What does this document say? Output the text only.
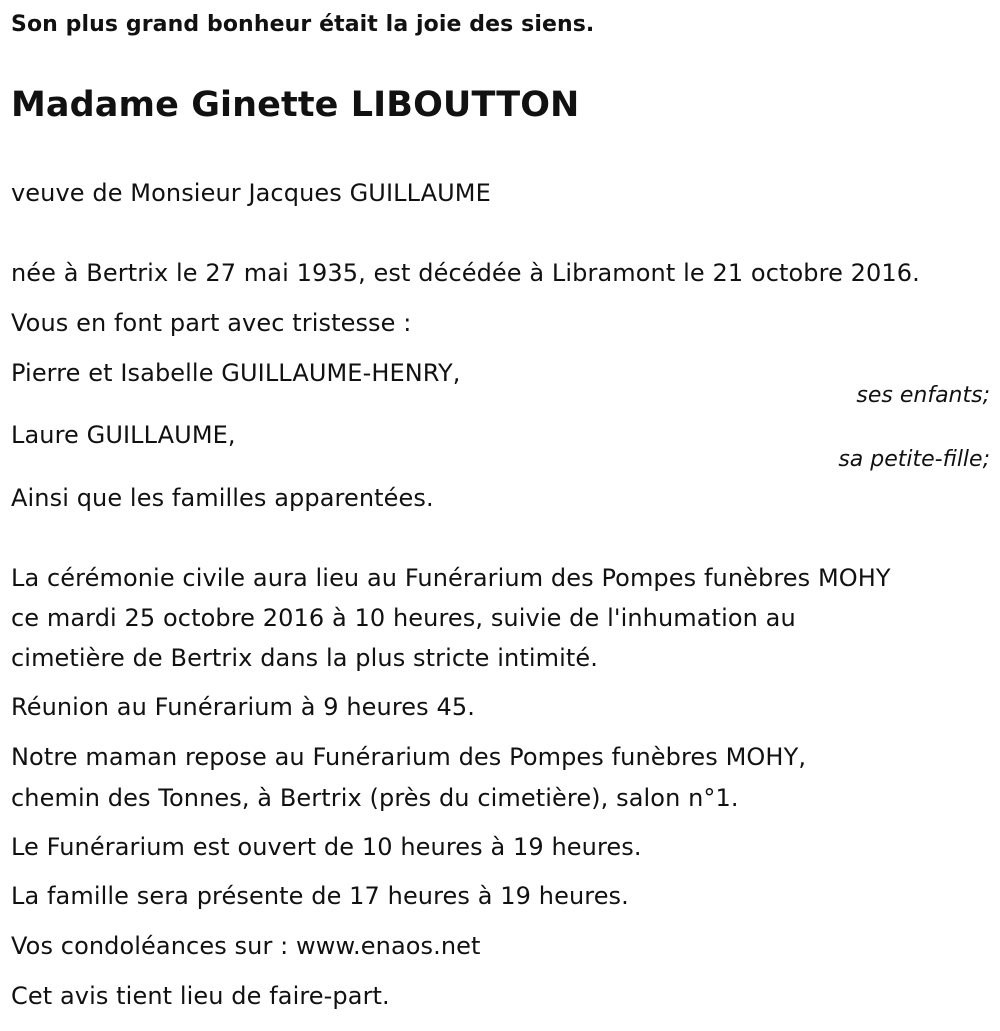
Son plus grand bonheur était la joie des siens.
Madame Ginette LIBOUTTON
veuve de Monsieur Jacques GUILLAUME
née à Bertrix le 27 mai 1935, est décédée à Libramont le 21 octobre 2016.
Vous en font part avec tristesse :
Pierre et Isabelle GUILLAUME-HENRY,
ses enfants;
Laure GUILLAUME,
sa petite-fille;
Ainsi que les familles apparentées.
La cérémonie civile aura lieu au Funérarium des Pompes funèbres MOHY
ce mardi 25 octobre 2016 à 10 heures, suivie de l'inhumation au
cimetière de Bertrix dans la plus stricte intimité.
Réunion au Funérarium à 9 heures 45.
Notre maman repose au Funérarium des Pompes funèbres MOHY,
chemin des Tonnes, à Bertrix (près du cimetière), salon n°1.
Le Funérarium est ouvert de 10 heures à 19 heures.
La famille sera présente de 17 heures à 19 heures.
Vos condoléances sur : www.enaos.net
Cet avis tient lieu de faire-part.
